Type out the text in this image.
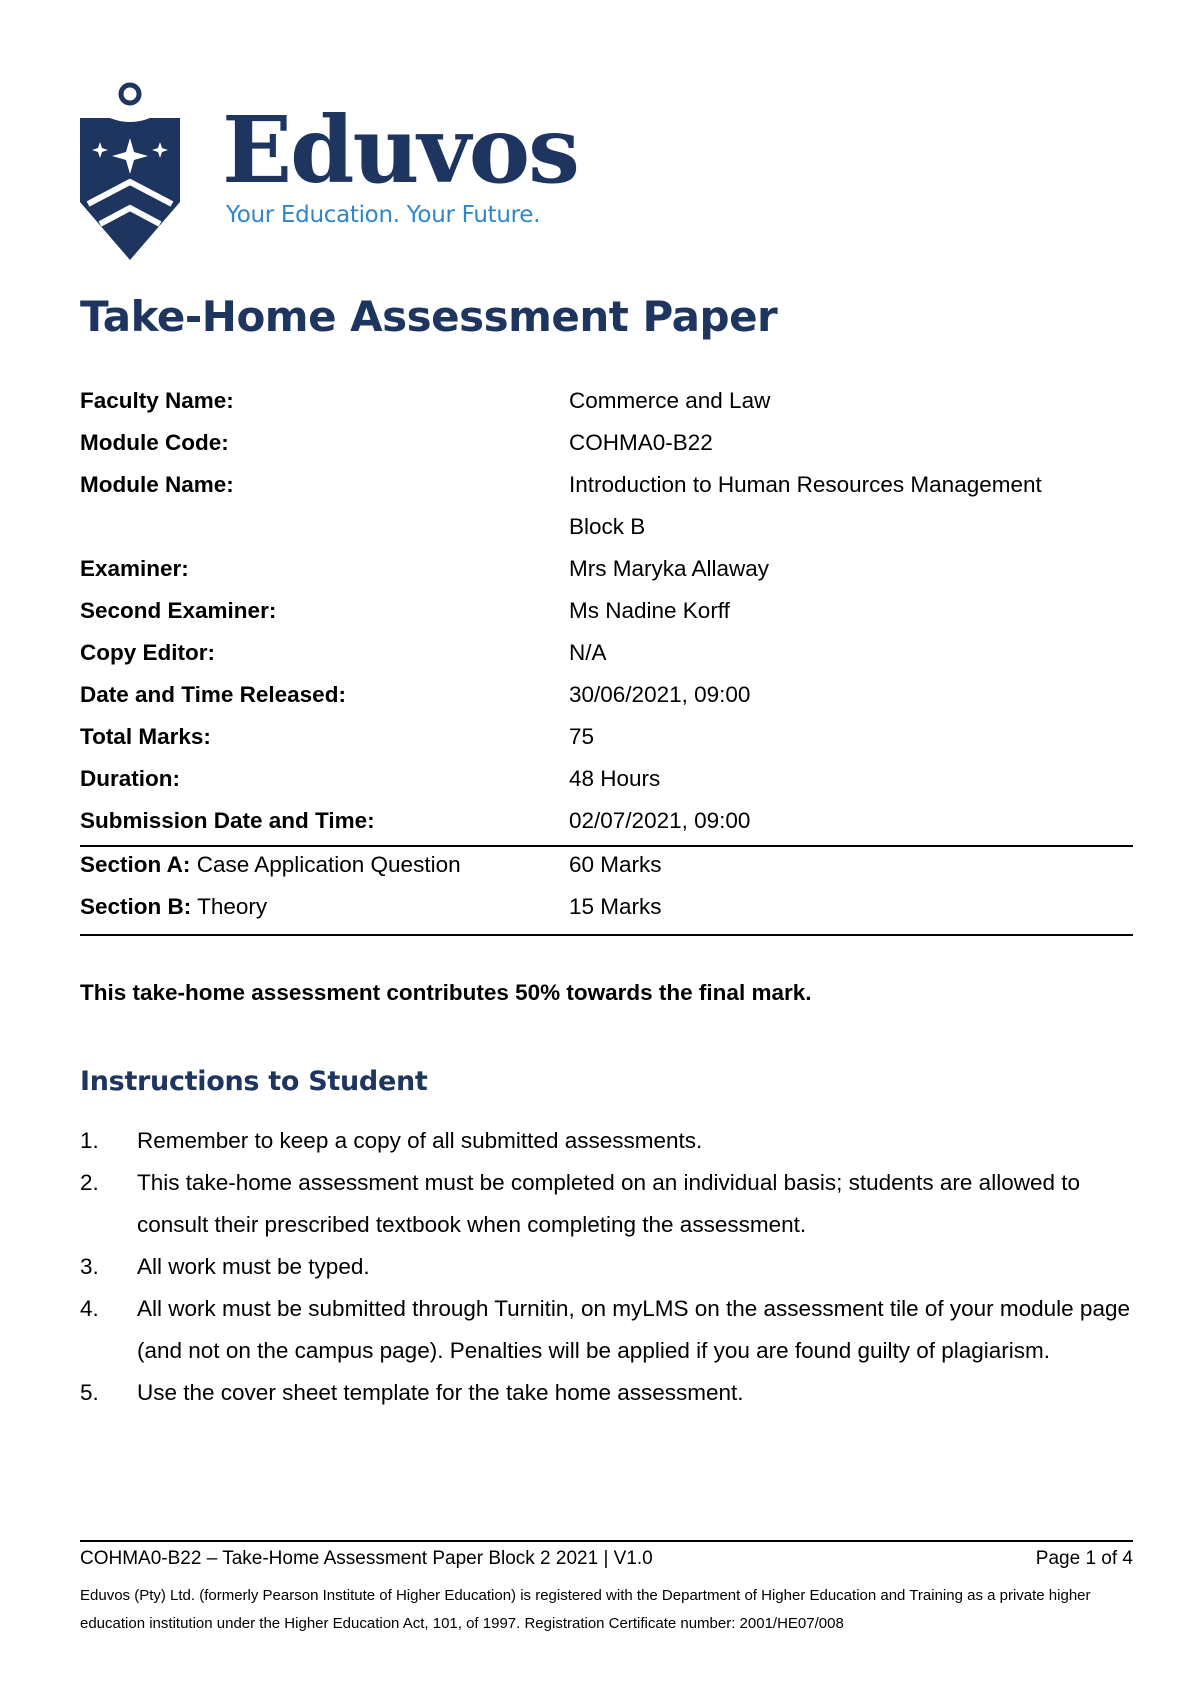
Eduvos
Your Education. Your Future.
Take-Home Assessment Paper
Faculty Name:	Commerce and Law
Module Code:	COHMA0-B22
Module Name:	Introduction to Human Resources Management
Block B
Examiner:	Mrs Maryka Allaway
Second Examiner:	Ms Nadine Korff
Copy Editor:	N/A
Date and Time Released:	30/06/2021, 09:00
Total Marks:	75
Duration:	48 Hours
Submission Date and Time:	02/07/2021, 09:00
Section A: Case Application Question	60 Marks
Section B: Theory	15 Marks
This take-home assessment contributes 50% towards the final mark.
Instructions to Student
1. Remember to keep a copy of all submitted assessments.
2. This take-home assessment must be completed on an individual basis; students are allowed to consult their prescribed textbook when completing the assessment.
3. All work must be typed.
4. All work must be submitted through Turnitin, on myLMS on the assessment tile of your module page (and not on the campus page). Penalties will be applied if you are found guilty of plagiarism.
5. Use the cover sheet template for the take home assessment.
COHMA0-B22 – Take-Home Assessment Paper Block 2 2021 | V1.0	Page 1 of 4
Eduvos (Pty) Ltd. (formerly Pearson Institute of Higher Education) is registered with the Department of Higher Education and Training as a private higher education institution under the Higher Education Act, 101, of 1997. Registration Certificate number: 2001/HE07/008
